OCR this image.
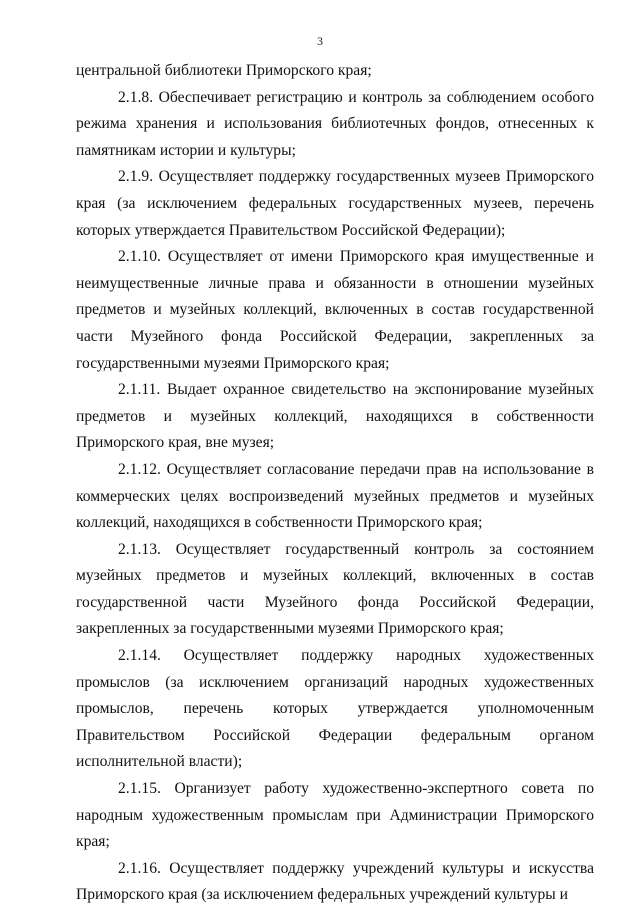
3

центральной библиотеки Приморского края;

2.1.8. Обеспечивает регистрацию и контроль за соблюдением особого режима хранения и использования библиотечных фондов, отнесенных к памятникам истории и культуры;

2.1.9. Осуществляет поддержку государственных музеев Приморского края (за исключением федеральных государственных музеев, перечень которых утверждается Правительством Российской Федерации);

2.1.10. Осуществляет от имени Приморского края имущественные и неимущественные личные права и обязанности в отношении музейных предметов и музейных коллекций, включенных в состав государственной части Музейного фонда Российской Федерации, закрепленных за государственными музеями Приморского края;

2.1.11. Выдает охранное свидетельство на экспонирование музейных предметов и музейных коллекций, находящихся в собственности Приморского края, вне музея;

2.1.12. Осуществляет согласование передачи прав на использование в коммерческих целях воспроизведений музейных предметов и музейных коллекций, находящихся в собственности Приморского края;

2.1.13. Осуществляет государственный контроль за состоянием музейных предметов и музейных коллекций, включенных в состав государственной части Музейного фонда Российской Федерации, закрепленных за государственными музеями Приморского края;

2.1.14. Осуществляет поддержку народных художественных промыслов (за исключением организаций народных художественных промыслов, перечень которых утверждается уполномоченным Правительством Российской Федерации федеральным органом исполнительной власти);

2.1.15. Организует работу художественно-экспертного совета по народным художественным промыслам при Администрации Приморского края;

2.1.16. Осуществляет поддержку учреждений культуры и искусства Приморского края (за исключением федеральных учреждений культуры и
